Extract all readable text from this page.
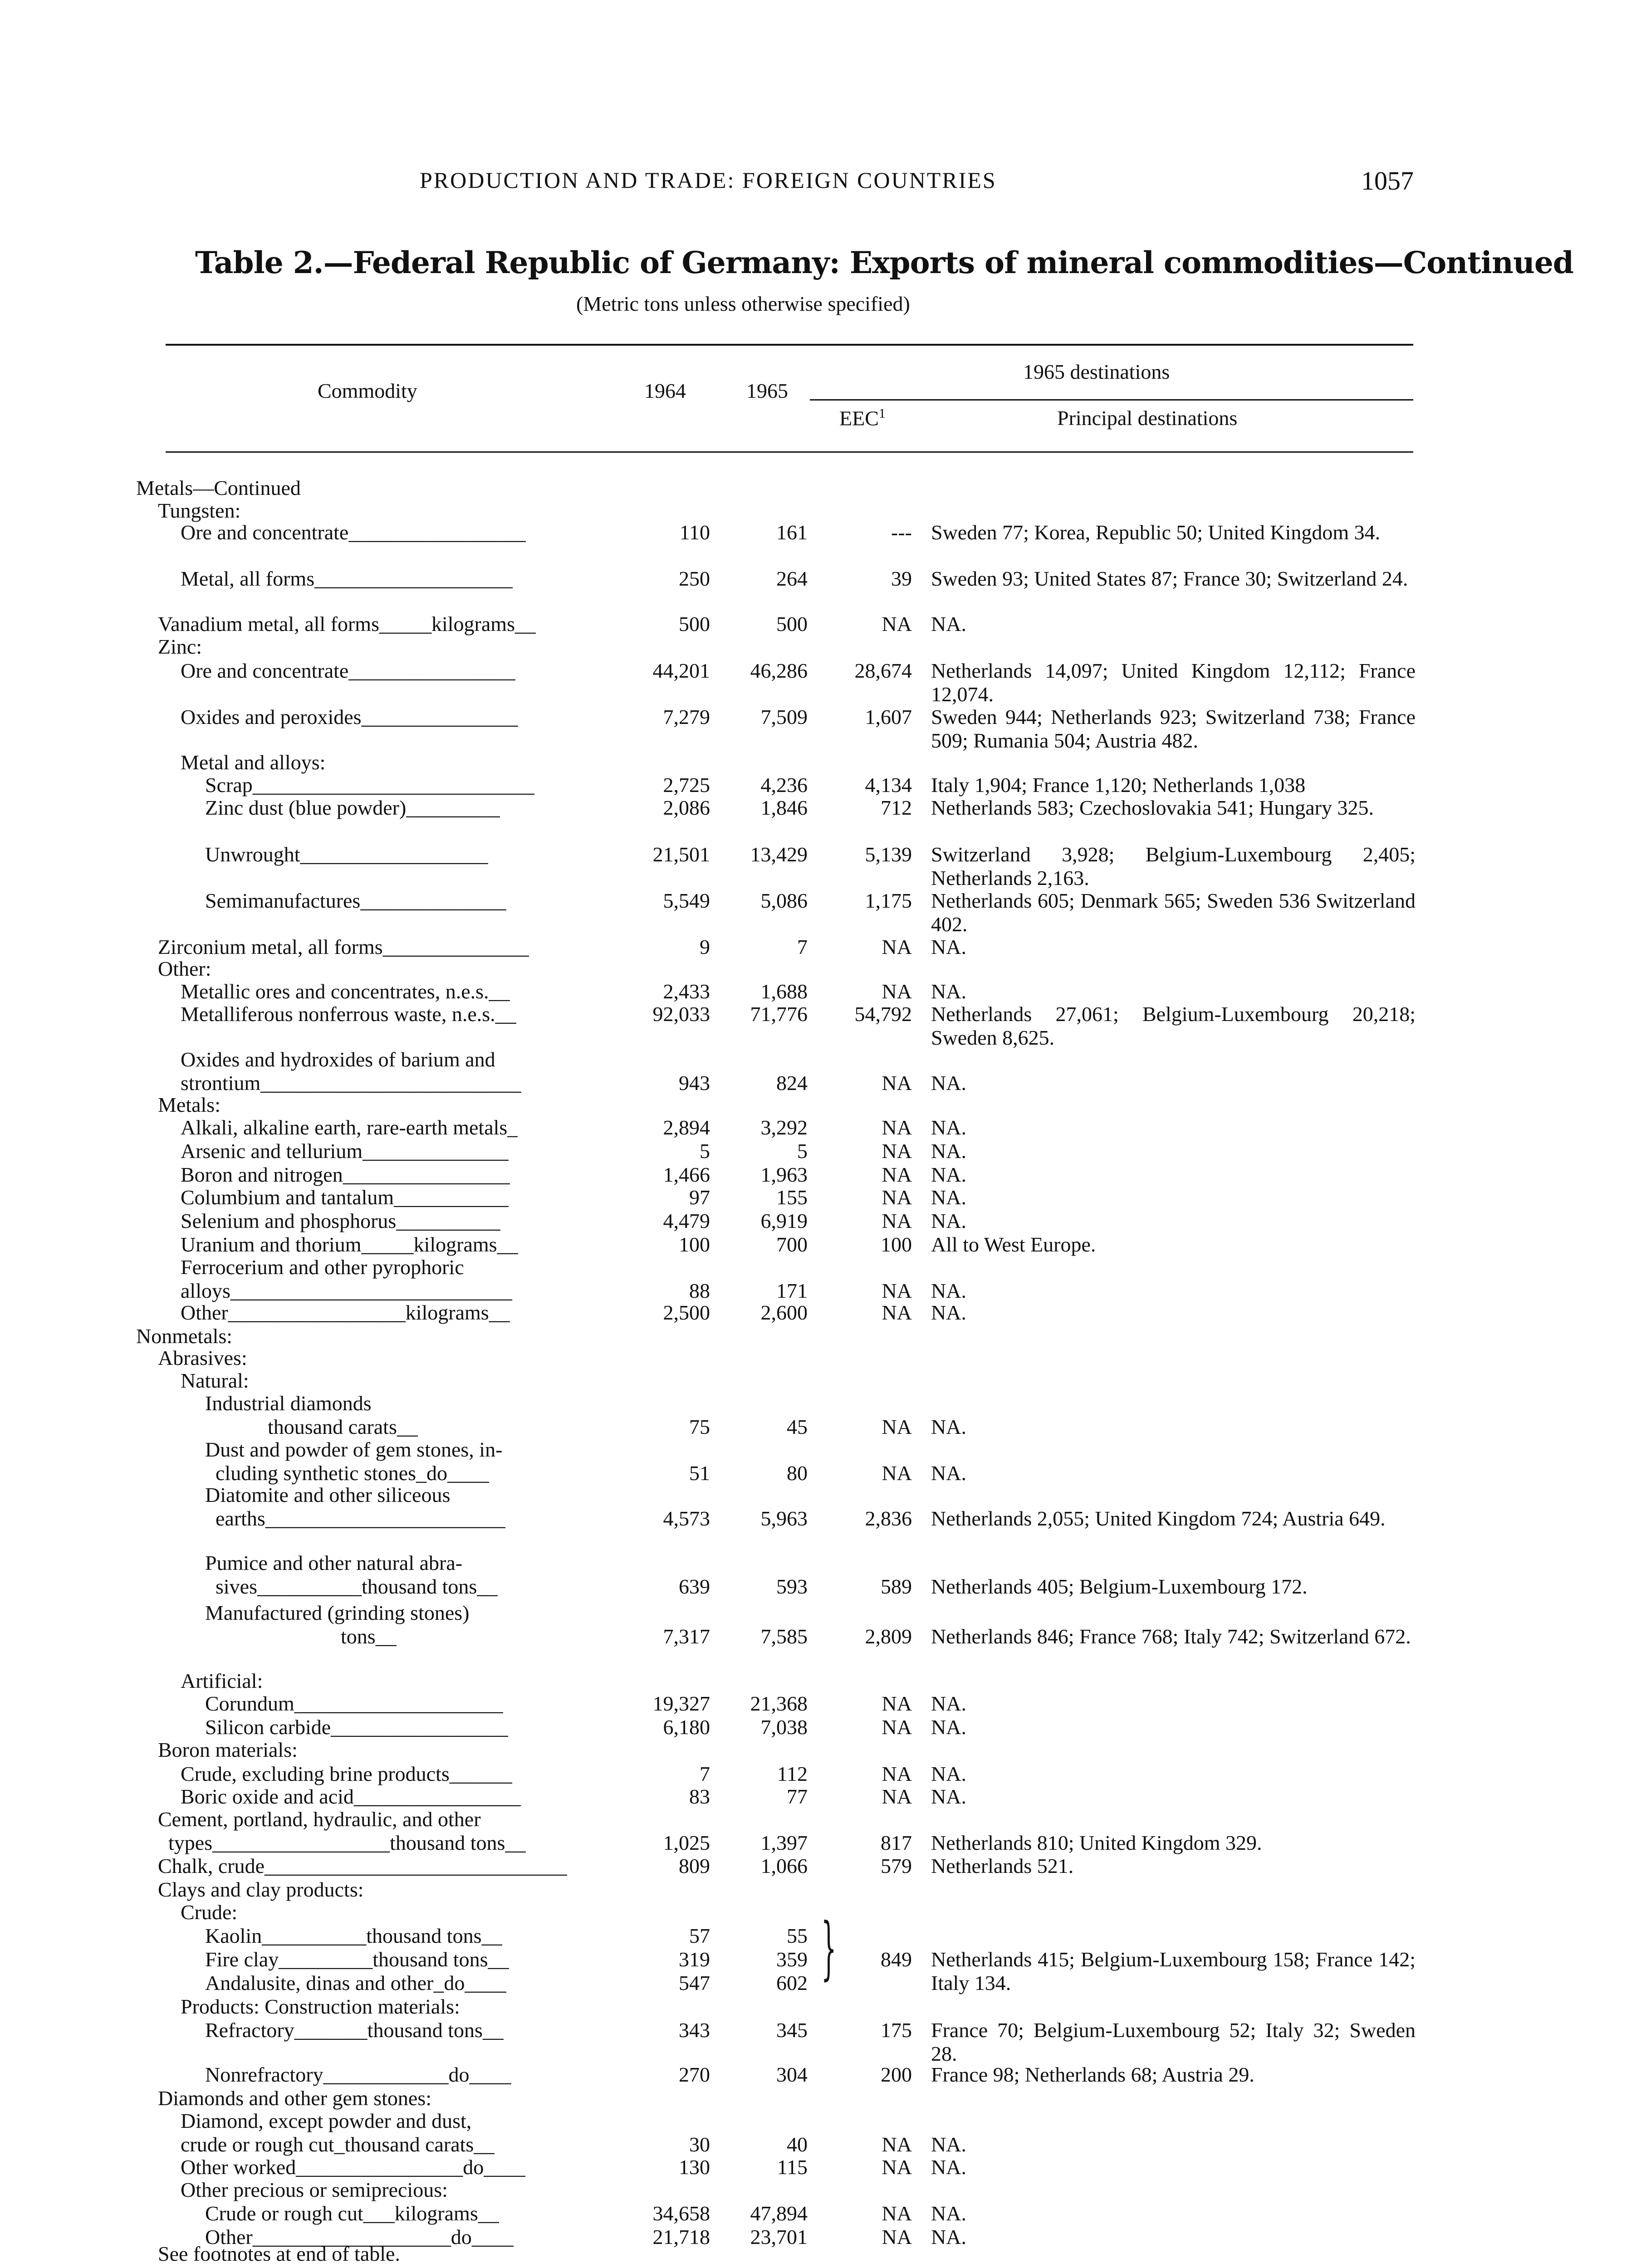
PRODUCTION AND TRADE: FOREIGN COUNTRIES	1057
Table 2.—Federal Republic of Germany: Exports of mineral commodities—Continued
(Metric tons unless otherwise specified)
Commodity	1964	1965
1965 destinations
EEC$^1$	Principal destinations
Metals—Continued
Tungsten:
Ore and concentrate_________________	110	161	--- Sweden 77; Korea, Republic 50; United Kingdom 34.
Metal, all forms___________________	250	264	39 Sweden 93; United States 87; France 30; Switzerland 24.
Vanadium metal, all forms_____kilograms__	500	500	NA NA.
Zinc:
Ore and concentrate________________	44,201 46,286 28,674 Netherlands 14,097; United Kingdom 12,112; France 12,074.
Oxides and peroxides_______________	7,279 7,509	1,607 Sweden 944; Netherlands 923; Switzerland 738; France 509; Rumania 504; Austria 482.
Metal and alloys:
Scrap___________________________	2,725 4,236	4,134 Italy 1,904; France 1,120; Netherlands 1,038
Zinc dust (blue powder)_________	2,086 1,846	712 Netherlands 583; Czechoslovakia 541; Hungary 325.
Unwrought__________________	21,501 13,429	5,139 Switzerland 3,928; Belgium-Luxembourg 2,405; Netherlands 2,163.
Semimanufactures______________	5,549 5,086	1,175 Netherlands 605; Denmark 565; Sweden 536 Switzerland 402.
Zirconium metal, all forms______________	9	7	NA NA.
Other:
Metallic ores and concentrates, n.e.s.__	2,433 1,688	NA NA.
Metalliferous nonferrous waste, n.e.s.__	92,033 71,776 54,792 Netherlands 27,061; Belgium-Luxembourg 20,218; Sweden 8,625.
Oxides and hydroxides of barium and
strontium_________________________	943	824	NA NA.
Metals:
Alkali, alkaline earth, rare-earth metals_	2,894 3,292	NA NA.
Arsenic and tellurium______________	5	5	NA NA.
Boron and nitrogen________________	1,466 1,963	NA NA.
Columbium and tantalum___________	97	155	NA NA.
Selenium and phosphorus__________	4,479 6,919	NA NA.
Uranium and thorium_____kilograms__	100	700	100 All to West Europe.
Ferrocerium and other pyrophoric
alloys___________________________	88	171	NA NA.
Other_________________kilograms__	2,500 2,600	NA NA.
Nonmetals:
Abrasives:
Natural:
Industrial diamonds
thousand carats__	75	45	NA NA.
Dust and powder of gem stones, in-
cluding synthetic stones_do____	51	80	NA NA.
Diatomite and other siliceous
earths_______________________	4,573 5,963	2,836 Netherlands 2,055; United Kingdom 724; Austria 649.
Pumice and other natural abra-
sives__________thousand tons__	639	593	589 Netherlands 405; Belgium-Luxembourg 172.
Manufactured (grinding stones)
tons__	7,317 7,585	2,809 Netherlands 846; France 768; Italy 742; Switzerland 672.
Artificial:
Corundum____________________	19,327 21,368	NA NA.
Silicon carbide_________________	6,180 7,038	NA NA.
Boron materials:
Crude, excluding brine products______	7	112	NA NA.
Boric oxide and acid________________	83	77	NA NA.
Cement, portland, hydraulic, and other
types_________________thousand tons__	1,025 1,397	817 Netherlands 810; United Kingdom 329.
Chalk, crude_____________________________	809 1,066	579 Netherlands 521.
Clays and clay products:
Crude:
Kaolin__________thousand tons__	57	55
Fire clay_________thousand tons__	319	359	849 Netherlands 415; Belgium-Luxembourg 158; France 142; Italy 134.
Andalusite, dinas and other_do____	547	602
Products: Construction materials:
Refractory_______thousand tons__	343	345	175 France 70; Belgium-Luxembourg 52; Italy 32; Sweden 28.
Nonrefractory____________do____	270	304	200 France 98; Netherlands 68; Austria 29.
Diamonds and other gem stones:
Diamond, except powder and dust,
crude or rough cut_thousand carats__	30	40	NA NA.
Other worked________________do____	130	115	NA NA.
Other precious or semiprecious:
Crude or rough cut___kilograms__	34,658 47,894	NA NA.
Other___________________do____	21,718 23,701	NA NA.
}
See footnotes at end of table.
